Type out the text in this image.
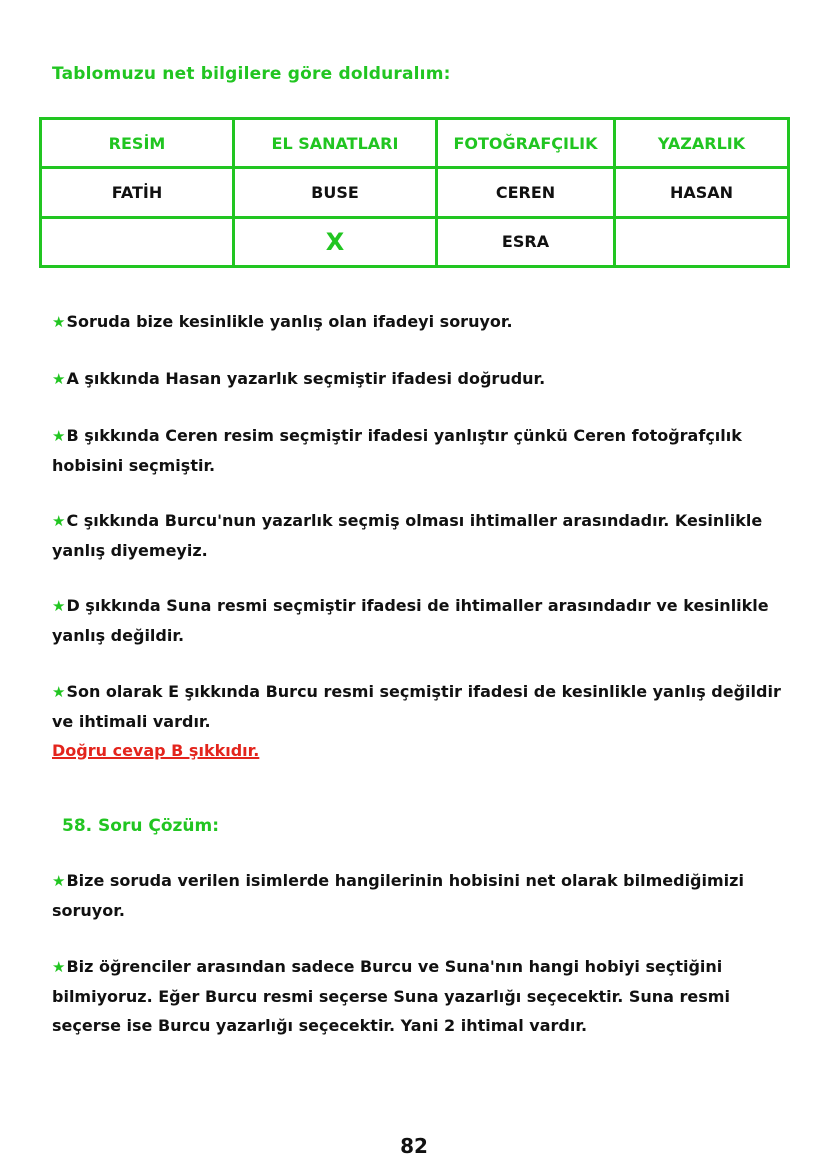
Tablomuzu net bilgilere göre dolduralım:
RESİM	EL SANATLARI	FOTOĞRAFÇILIK	YAZARLIK
FATİH	BUSE	CEREN	HASAN
	X	ESRA	
★Soruda bize kesinlikle yanlış olan ifadeyi soruyor.
★A şıkkında Hasan yazarlık seçmiştir ifadesi doğrudur.
★B şıkkında Ceren resim seçmiştir ifadesi yanlıştır çünkü Ceren fotoğrafçılık hobisini seçmiştir.
★C şıkkında Burcu'nun yazarlık seçmiş olması ihtimaller arasındadır. Kesinlikle yanlış diyemeyiz.
★D şıkkında Suna resmi seçmiştir ifadesi de ihtimaller arasındadır ve kesinlikle yanlış değildir.
★Son olarak E şıkkında Burcu resmi seçmiştir ifadesi de kesinlikle yanlış değildir ve ihtimali vardır.
Doğru cevap B şıkkıdır.
58. Soru Çözüm:
★Bize soruda verilen isimlerde hangilerinin hobisini net olarak bilmediğimizi soruyor.
★Biz öğrenciler arasından sadece Burcu ve Suna'nın hangi hobiyi seçtiğini bilmiyoruz. Eğer Burcu resmi seçerse Suna yazarlığı seçecektir. Suna resmi seçerse ise Burcu yazarlığı seçecektir. Yani 2 ihtimal vardır.
82
